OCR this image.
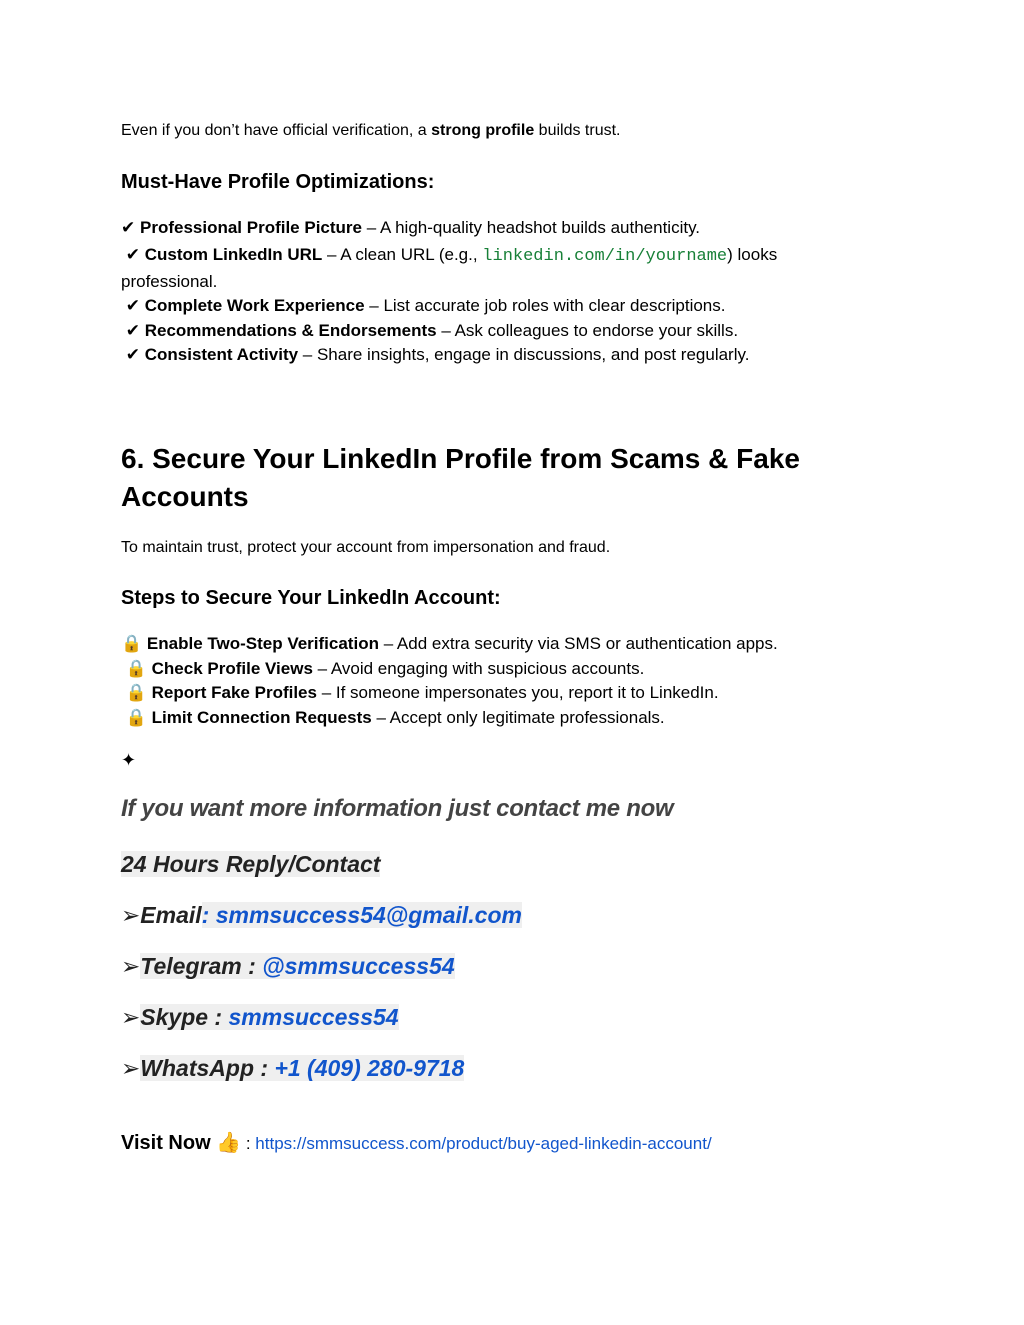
Even if you don’t have official verification, a strong profile builds trust.
Must-Have Profile Optimizations:
✔ Professional Profile Picture – A high-quality headshot builds authenticity.
✔ Custom LinkedIn URL – A clean URL (e.g., linkedin.com/in/yourname) looks
professional.
✔ Complete Work Experience – List accurate job roles with clear descriptions.
✔ Recommendations & Endorsements – Ask colleagues to endorse your skills.
✔ Consistent Activity – Share insights, engage in discussions, and post regularly.
6. Secure Your LinkedIn Profile from Scams & Fake Accounts
To maintain trust, protect your account from impersonation and fraud.
Steps to Secure Your LinkedIn Account:
🔒 Enable Two-Step Verification – Add extra security via SMS or authentication apps.
🔒 Check Profile Views – Avoid engaging with suspicious accounts.
🔒 Report Fake Profiles – If someone impersonates you, report it to LinkedIn.
🔒 Limit Connection Requests – Accept only legitimate professionals.
✦
If you want more information just contact me now
24 Hours Reply/Contact
➢Email: smmsuccess54@gmail.com
➢Telegram : @smmsuccess54
➢Skype : smmsuccess54
➢WhatsApp : +1 (409) 280-9718
Visit Now 👍 : https://smmsuccess.com/product/buy-aged-linkedin-account/
